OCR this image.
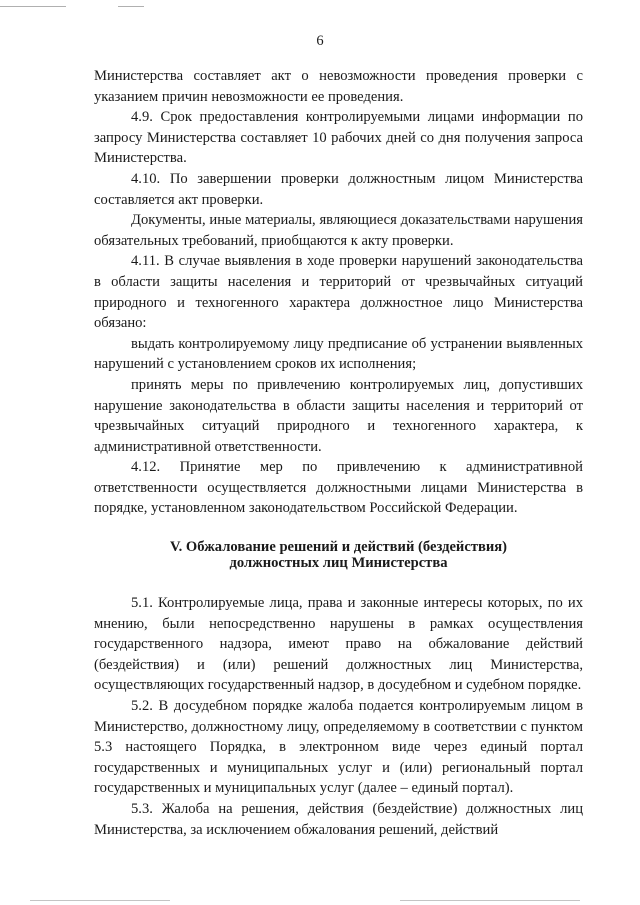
6

Министерства составляет акт о невозможности проведения проверки с указанием причин невозможности ее проведения.

4.9. Срок предоставления контролируемыми лицами информации по запросу Министерства составляет 10 рабочих дней со дня получения запроса Министерства.

4.10. По завершении проверки должностным лицом Министерства составляется акт проверки.

Документы, иные материалы, являющиеся доказательствами нарушения обязательных требований, приобщаются к акту проверки.

4.11. В случае выявления в ходе проверки нарушений законодательства в области защиты населения и территорий от чрезвычайных ситуаций природного и техногенного характера должностное лицо Министерства обязано:

выдать контролируемому лицу предписание об устранении выявленных нарушений с установлением сроков их исполнения;

принять меры по привлечению контролируемых лиц, допустивших нарушение законодательства в области защиты населения и территорий от чрезвычайных ситуаций природного и техногенного характера, к административной ответственности.

4.12. Принятие мер по привлечению к административной ответственности осуществляется должностными лицами Министерства в порядке, установленном законодательством Российской Федерации.

V. Обжалование решений и действий (бездействия)
должностных лиц Министерства

5.1. Контролируемые лица, права и законные интересы которых, по их мнению, были непосредственно нарушены в рамках осуществления государственного надзора, имеют право на обжалование действий (бездействия) и (или) решений должностных лиц Министерства, осуществляющих государственный надзор, в досудебном и судебном порядке.

5.2. В досудебном порядке жалоба подается контролируемым лицом в Министерство, должностному лицу, определяемому в соответствии с пунктом 5.3 настоящего Порядка, в электронном виде через единый портал государственных и муниципальных услуг и (или) региональный портал государственных и муниципальных услуг (далее – единый портал).

5.3. Жалоба на решения, действия (бездействие) должностных лиц Министерства, за исключением обжалования решений, действий
